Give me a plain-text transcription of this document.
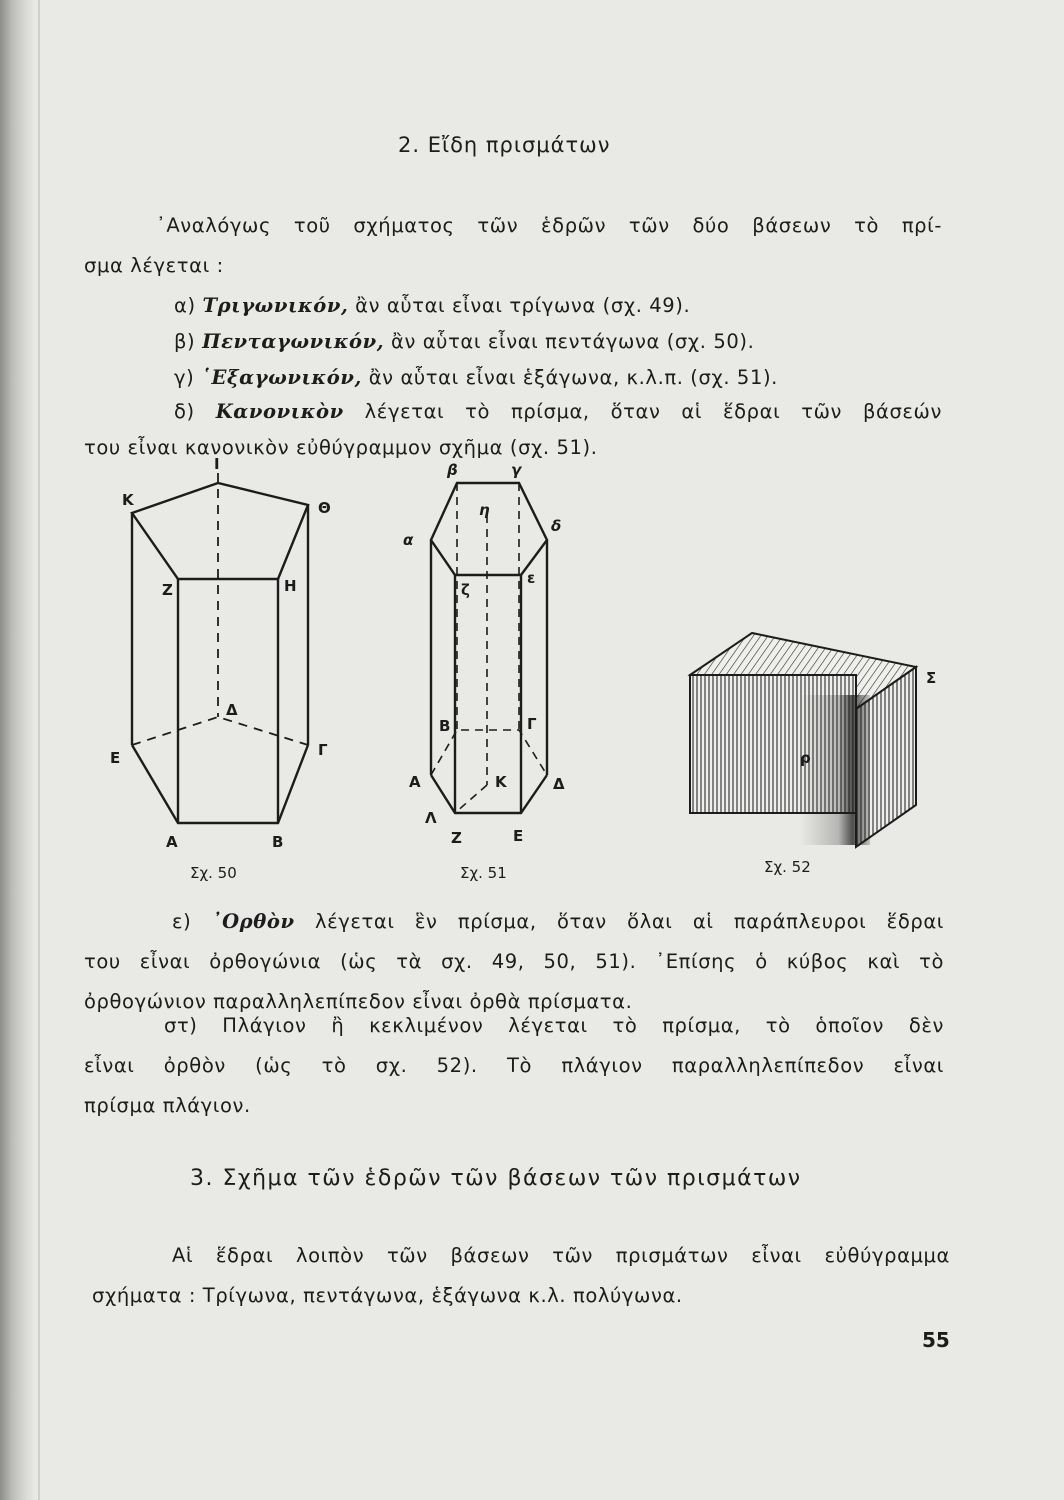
2. Εἴδη πρισμάτων
᾿Αναλόγως τοῦ σχήματος τῶν ἑδρῶν τῶν δύο βάσεων τὸ πρί-
σμα λέγεται :
α) Τριγωνικόν, ἂν αὗται εἶναι τρίγωνα (σχ. 49).
β) Πενταγωνικόν, ἂν αὗται εἶναι πεντάγωνα (σχ. 50).
γ) ῾Εξαγωνικόν, ἂν αὗται εἶναι ἑξάγωνα, κ.λ.π. (σχ. 51).
δ) Κανονικὸν λέγεται τὸ πρίσμα, ὅταν αἱ ἕδραι τῶν βάσεών
του εἶναι κανονικὸν εὐθύγραμμον σχῆμα (σχ. 51).
I
Κ	Θ
Ζ	Η
Δ
Ε	Γ
Α	Β
β	γ
α
η
δ
ζ
ε
Β	Γ
Α	Κ	Δ
Λ
Ζ	Ε
ρ
Σ
Σχ. 50	Σχ. 51	Σχ. 52
ε) ᾿Ορθὸν λέγεται ἓν πρίσμα, ὅταν ὅλαι αἱ παράπλευροι ἕδραι
του εἶναι ὀρθογώνια (ὡς τὰ σχ. 49, 50, 51). ᾿Επίσης ὁ κύβος καὶ τὸ
ὀρθογώνιον παραλληλεπίπεδον εἶναι ὀρθὰ πρίσματα.
στ) Πλάγιον ἢ κεκλιμένον λέγεται τὸ πρίσμα, τὸ ὁποῖον δὲν
εἶναι ὀρθὸν (ὡς τὸ σχ. 52). Τὸ πλάγιον παραλληλεπίπεδον εἶναι
πρίσμα πλάγιον.
3. Σχῆμα τῶν ἑδρῶν τῶν βάσεων τῶν πρισμάτων
Αἱ ἕδραι λοιπὸν τῶν βάσεων τῶν πρισμάτων εἶναι εὐθύγραμμα
σχήματα : Τρίγωνα, πεντάγωνα, ἑξάγωνα κ.λ. πολύγωνα.
55
